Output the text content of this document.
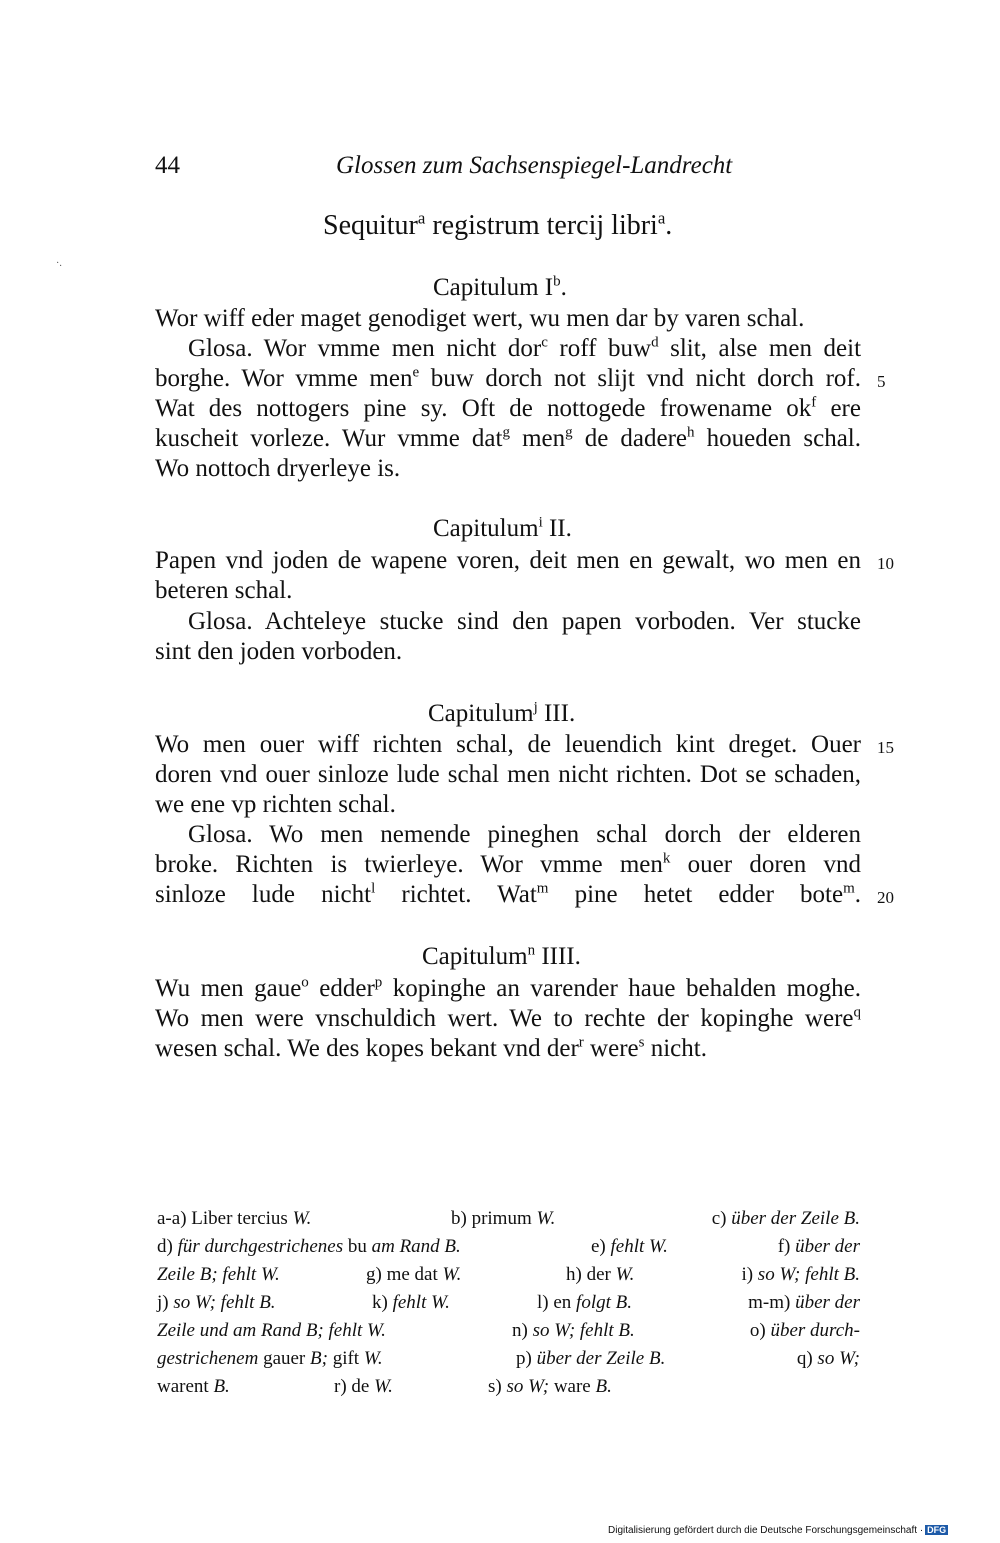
44	Glossen zum Sachsenspiegel-Landrecht
Sequitur$^a$ registrum tercij libri$^a$.
·.
Capitulum $I^b$.
Wor wiff eder maget genodiget wert, wu men dar by varen schal.
Glosa. Wor vmme men nicht dor$^c$ roff buw$^d$ slit, alse men deit
borghe. Wor vmme men$^e$ buw dorch not slijt vnd nicht dorch rof. 5
Wat des nottogers pine sy. Oft de nottogede frowename $ok^f$ ere
kuscheit vorleze. Wur vmme dat$^g$ men$^g$ de dadere$^h$ houeden schal.
Wo nottoch dryerleye is.
Capitulum$^i$ II.
Papen vnd joden de wapene voren, deit men en gewalt, wo men en 10
beteren schal.
Glosa. Achteleye stucke sind den papen vorboden. Ver stucke
sint den joden vorboden.
Capitulum$^j$ III.
Wo men ouer wiff richten schal, de leuendich kint dreget. Ouer 15
doren vnd ouer sinloze lude schal men nicht richten. Dot se schaden,
we ene vp richten schal.
Glosa. Wo men nemende pineghen schal dorch der elderen
broke. Richten is twierleye. Wor vmme men$^k$ ouer doren vnd
sinloze lude nicht$^l$ richtet. Wat$^m$ pine hetet edder bote$^m$. 20
Capitulum$^n$ IIII.
Wu men gaue$^o$ edder$^p$ kopinghe an varender haue behalden moghe.
Wo men were vnschuldich wert. We to rechte der kopinghe were$^q$
wesen schal. We des kopes bekant vnd der$^r$ were$^s$ nicht.
a-a) Liber tercius W.	b) primum W.	c) über der Zeile B.
d) für durchgestrichenes bu am Rand B.	e) fehlt W.	f) über der
Zeile B; fehlt W.	g) me dat W.	h) der W.	i) so W; fehlt B.
j) so W; fehlt B.	k) fehlt W.	l) en folgt B.	m-m) über der
Zeile und am Rand B; fehlt W.	n) so W; fehlt B.	o) über durch-
gestrichenem gauer B; gift W.	p) über der Zeile B.	q) so W;
warent B.	r) de W.	s) so W; ware B.
Digitalisierung gefördert durch die Deutsche Forschungsgemeinschaft · DFG
